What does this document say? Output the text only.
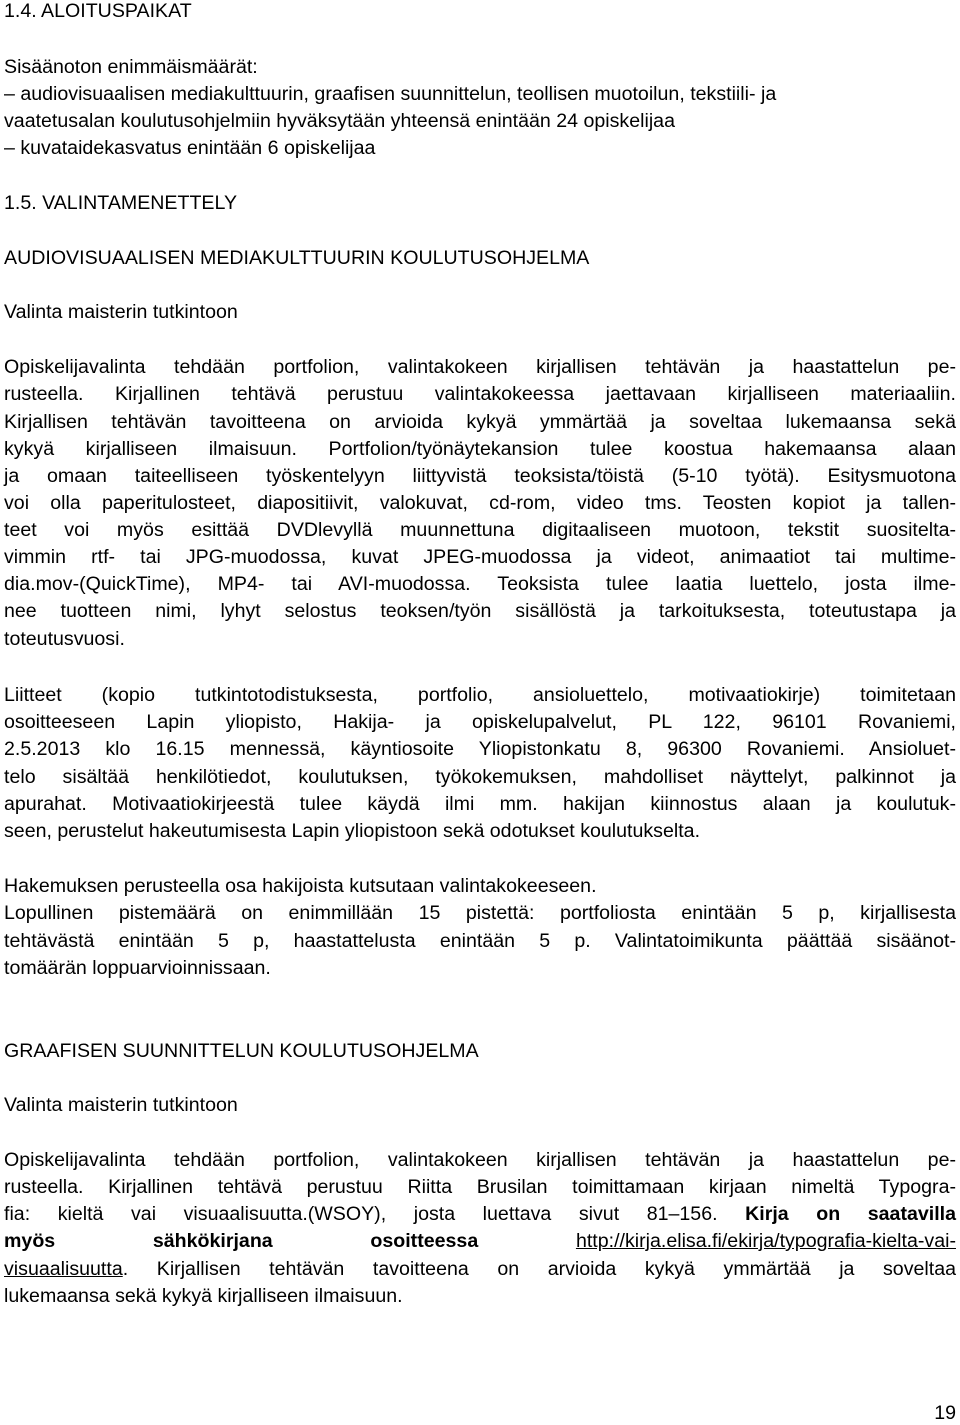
1.4. ALOITUSPAIKAT
Sisäänoton enimmäismäärät:
– audiovisuaalisen mediakulttuurin, graafisen suunnittelun, teollisen muotoilun, tekstiili- ja
vaatetusalan koulutusohjelmiin hyväksytään yhteensä enintään 24 opiskelijaa
– kuvataidekasvatus enintään 6 opiskelijaa
1.5. VALINTAMENETTELY
AUDIOVISUAALISEN MEDIAKULTTUURIN KOULUTUSOHJELMA
Valinta maisterin tutkintoon
Opiskelijavalinta tehdään portfolion, valintakokeen kirjallisen tehtävän ja haastattelun pe-
rusteella. Kirjallinen tehtävä perustuu valintakokeessa jaettavaan kirjalliseen materiaaliin.
Kirjallisen tehtävän tavoitteena on arvioida kykyä ymmärtää ja soveltaa lukemaansa sekä
kykyä kirjalliseen ilmaisuun. Portfolion/työnäytekansion tulee koostua hakemaansa alaan
ja omaan taiteelliseen työskentelyyn liittyvistä teoksista/töistä (5-10 työtä). Esitysmuotona
voi olla paperitulosteet, diapositiivit, valokuvat, cd-rom, video tms. Teosten kopiot ja tallen-
teet voi myös esittää DVDlevyllä muunnettuna digitaaliseen muotoon, tekstit suositelta-
vimmin rtf- tai JPG-muodossa, kuvat JPEG-muodossa ja videot, animaatiot tai multime-
dia.mov-(QuickTime), MP4- tai AVI-muodossa. Teoksista tulee laatia luettelo, josta ilme-
nee tuotteen nimi, lyhyt selostus teoksen/työn sisällöstä ja tarkoituksesta, toteutustapa ja
toteutusvuosi.
Liitteet (kopio tutkintotodistuksesta, portfolio, ansioluettelo, motivaatiokirje) toimitetaan
osoitteeseen Lapin yliopisto, Hakija- ja opiskelupalvelut, PL 122, 96101 Rovaniemi,
2.5.2013 klo 16.15 mennessä, käyntiosoite Yliopistonkatu 8, 96300 Rovaniemi. Ansioluet-
telo sisältää henkilötiedot, koulutuksen, työkokemuksen, mahdolliset näyttelyt, palkinnot ja
apurahat. Motivaatiokirjeestä tulee käydä ilmi mm. hakijan kiinnostus alaan ja koulutuk-
seen, perustelut hakeutumisesta Lapin yliopistoon sekä odotukset koulutukselta.
Hakemuksen perusteella osa hakijoista kutsutaan valintakokeeseen.
Lopullinen pistemäärä on enimmillään 15 pistettä: portfoliosta enintään 5 p, kirjallisesta
tehtävästä enintään 5 p, haastattelusta enintään 5 p. Valintatoimikunta päättää sisäänot-
tomäärän loppuarvioinnissaan.
GRAAFISEN SUUNNITTELUN KOULUTUSOHJELMA
Valinta maisterin tutkintoon
Opiskelijavalinta tehdään portfolion, valintakokeen kirjallisen tehtävän ja haastattelun pe-
rusteella. Kirjallinen tehtävä perustuu Riitta Brusilan toimittamaan kirjaan nimeltä Typogra-
fia: kieltä vai visuaalisuutta.(WSOY), josta luettava sivut 81–156. Kirja on saatavilla
myös	sähkökirjana	osoitteessa	http://kirja.elisa.fi/ekirja/typografia-kielta-vai-
visuaalisuutta. Kirjallisen tehtävän tavoitteena on arvioida kykyä ymmärtää ja soveltaa
lukemaansa sekä kykyä kirjalliseen ilmaisuun.
19
